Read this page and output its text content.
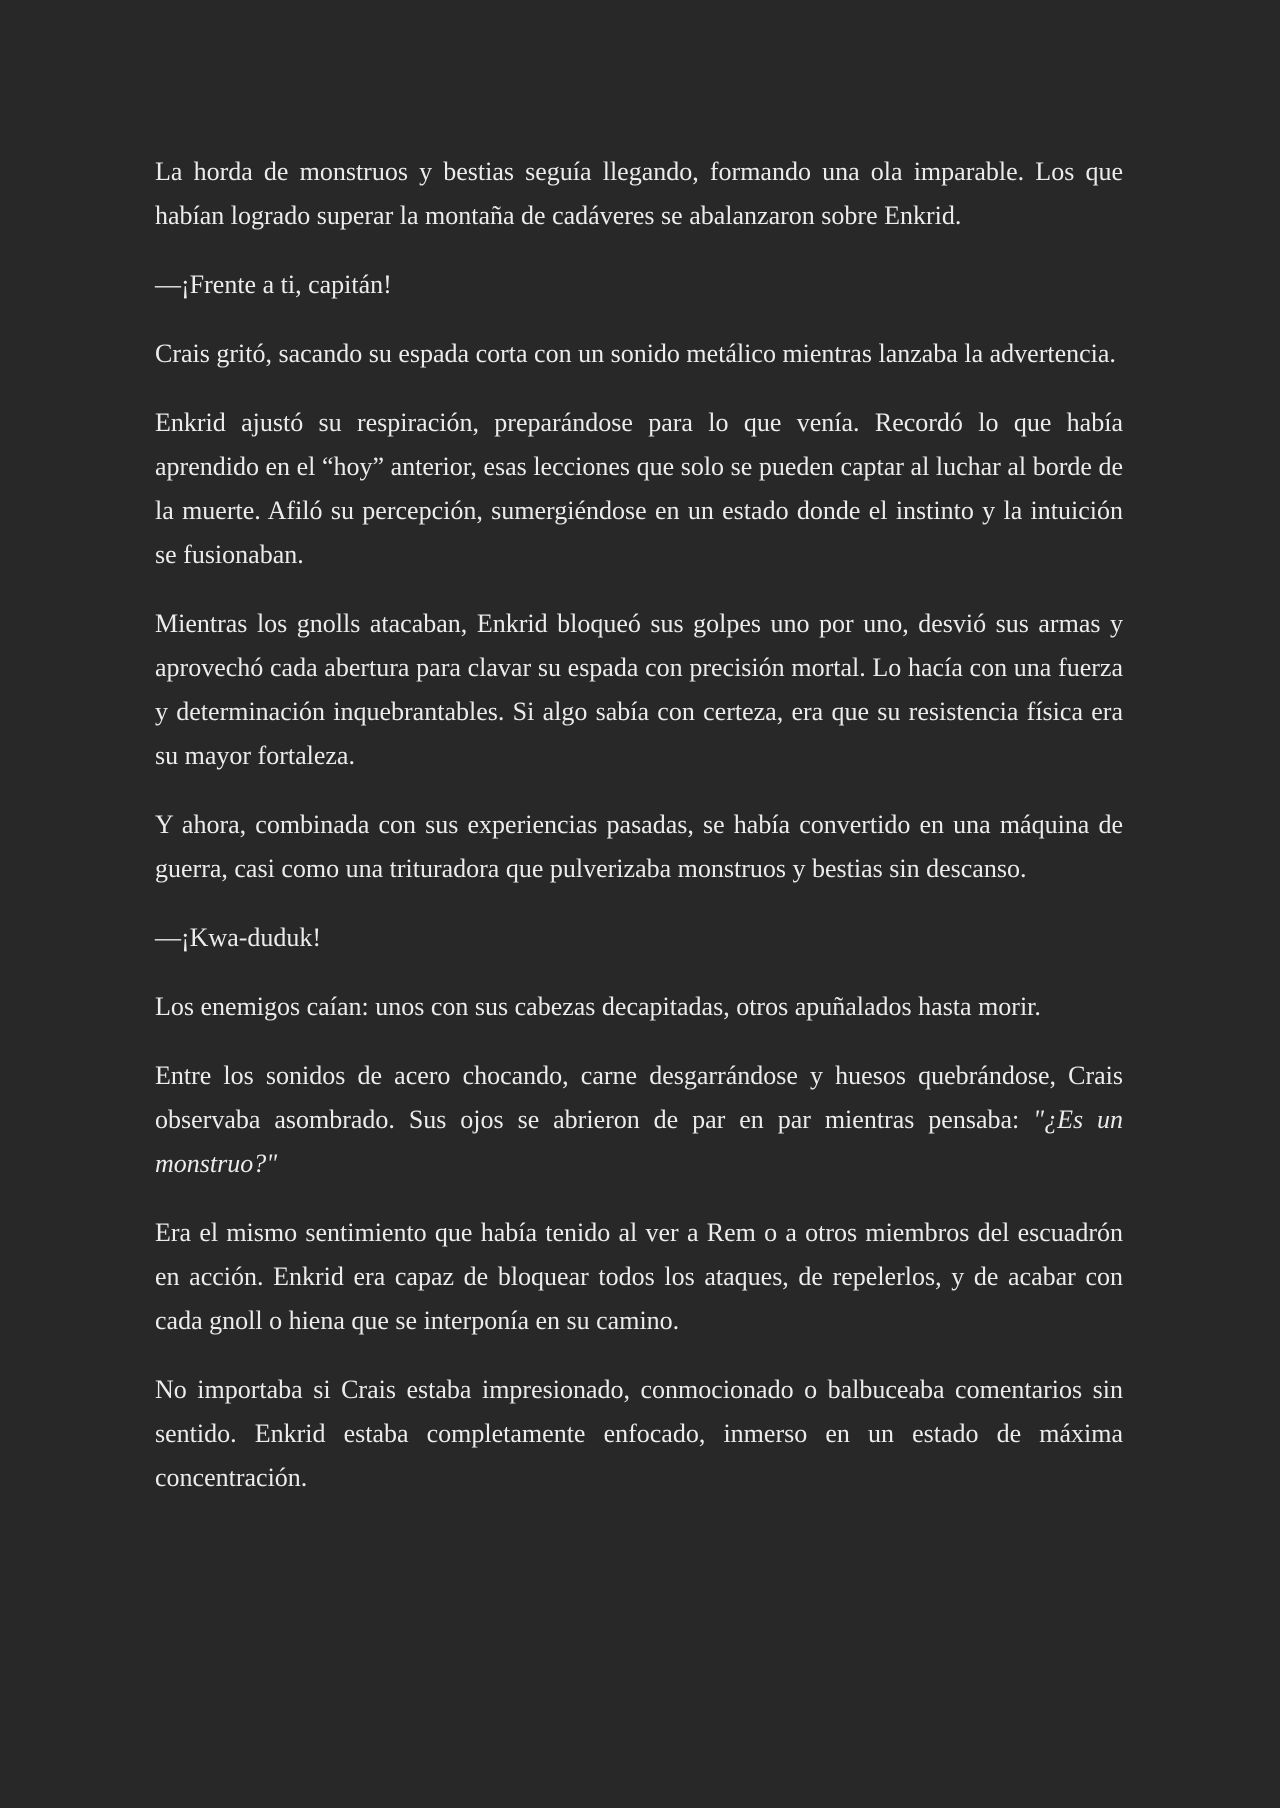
La horda de monstruos y bestias seguía llegando, formando una ola imparable. Los que habían logrado superar la montaña de cadáveres se abalanzaron sobre Enkrid.

—¡Frente a ti, capitán!

Crais gritó, sacando su espada corta con un sonido metálico mientras lanzaba la advertencia.

Enkrid ajustó su respiración, preparándose para lo que venía. Recordó lo que había aprendido en el “hoy” anterior, esas lecciones que solo se pueden captar al luchar al borde de la muerte. Afiló su percepción, sumergiéndose en un estado donde el instinto y la intuición se fusionaban.

Mientras los gnolls atacaban, Enkrid bloqueó sus golpes uno por uno, desvió sus armas y aprovechó cada abertura para clavar su espada con precisión mortal. Lo hacía con una fuerza y determinación inquebrantables. Si algo sabía con certeza, era que su resistencia física era su mayor fortaleza.

Y ahora, combinada con sus experiencias pasadas, se había convertido en una máquina de guerra, casi como una trituradora que pulverizaba monstruos y bestias sin descanso.

—¡Kwa-duduk!

Los enemigos caían: unos con sus cabezas decapitadas, otros apuñalados hasta morir.

Entre los sonidos de acero chocando, carne desgarrándose y huesos quebrándose, Crais observaba asombrado. Sus ojos se abrieron de par en par mientras pensaba: "¿Es un monstruo?"

Era el mismo sentimiento que había tenido al ver a Rem o a otros miembros del escuadrón en acción. Enkrid era capaz de bloquear todos los ataques, de repelerlos, y de acabar con cada gnoll o hiena que se interponía en su camino.

No importaba si Crais estaba impresionado, conmocionado o balbuceaba comentarios sin sentido. Enkrid estaba completamente enfocado, inmerso en un estado de máxima concentración.
